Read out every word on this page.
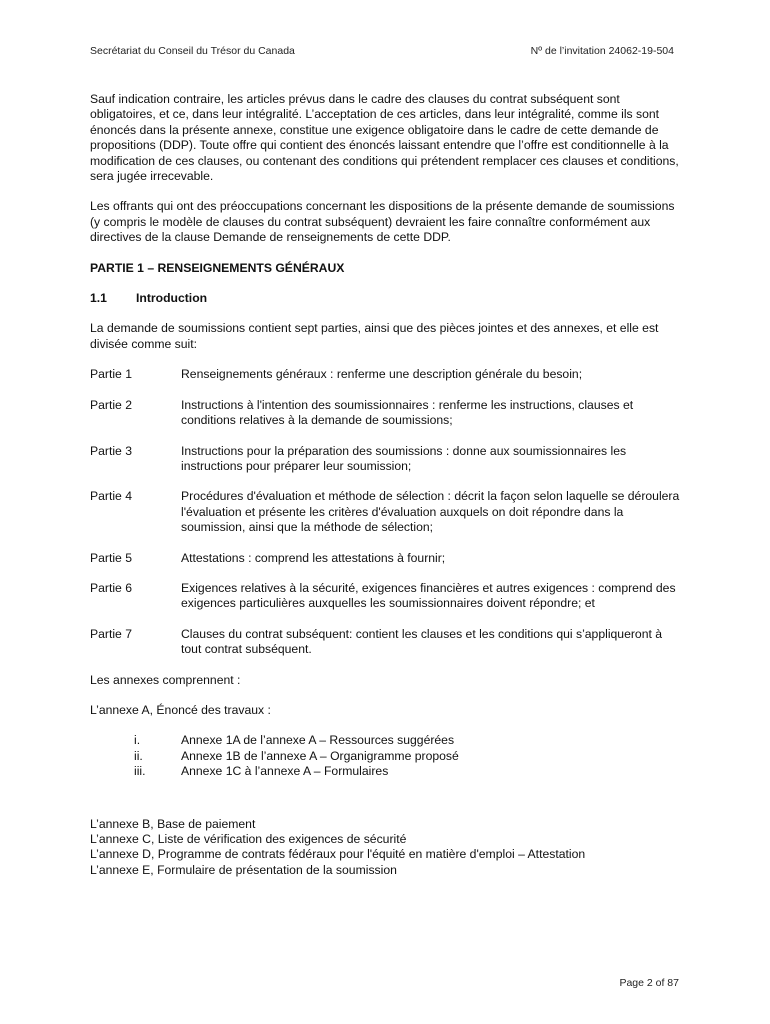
Secrétariat du Conseil du Trésor du Canada	Nº de l’invitation 24062-19-504

Sauf indication contraire, les articles prévus dans le cadre des clauses du contrat subséquent sont obligatoires, et ce, dans leur intégralité. L’acceptation de ces articles, dans leur intégralité, comme ils sont énoncés dans la présente annexe, constitue une exigence obligatoire dans le cadre de cette demande de propositions (DDP). Toute offre qui contient des énoncés laissant entendre que l’offre est conditionnelle à la modification de ces clauses, ou contenant des conditions qui prétendent remplacer ces clauses et conditions, sera jugée irrecevable.

Les offrants qui ont des préoccupations concernant les dispositions de la présente demande de soumissions (y compris le modèle de clauses du contrat subséquent) devraient les faire connaître conformément aux directives de la clause Demande de renseignements de cette DDP.

PARTIE 1 – RENSEIGNEMENTS GÉNÉRAUX

1.1	Introduction

La demande de soumissions contient sept parties, ainsi que des pièces jointes et des annexes, et elle est divisée comme suit:

Partie 1	Renseignements généraux : renferme une description générale du besoin;
Partie 2	Instructions à l'intention des soumissionnaires : renferme les instructions, clauses et conditions relatives à la demande de soumissions;
Partie 3	Instructions pour la préparation des soumissions : donne aux soumissionnaires les instructions pour préparer leur soumission;
Partie 4	Procédures d'évaluation et méthode de sélection : décrit la façon selon laquelle se déroulera l'évaluation et présente les critères d'évaluation auxquels on doit répondre dans la soumission, ainsi que la méthode de sélection;
Partie 5	Attestations : comprend les attestations à fournir;
Partie 6	Exigences relatives à la sécurité, exigences financières et autres exigences : comprend des exigences particulières auxquelles les soumissionnaires doivent répondre; et
Partie 7	Clauses du contrat subséquent: contient les clauses et les conditions qui s’appliqueront à tout contrat subséquent.

Les annexes comprennent :

L’annexe A, Énoncé des travaux :

i.	Annexe 1A de l’annexe A – Ressources suggérées
ii.	Annexe 1B de l’annexe A – Organigramme proposé
iii.	Annexe 1C à l’annexe A – Formulaires

L’annexe B, Base de paiement

L’annexe C, Liste de vérification des exigences de sécurité

L’annexe D, Programme de contrats fédéraux pour l'équité en matière d'emploi – Attestation

L’annexe E, Formulaire de présentation de la soumission

Page 2 of 87
